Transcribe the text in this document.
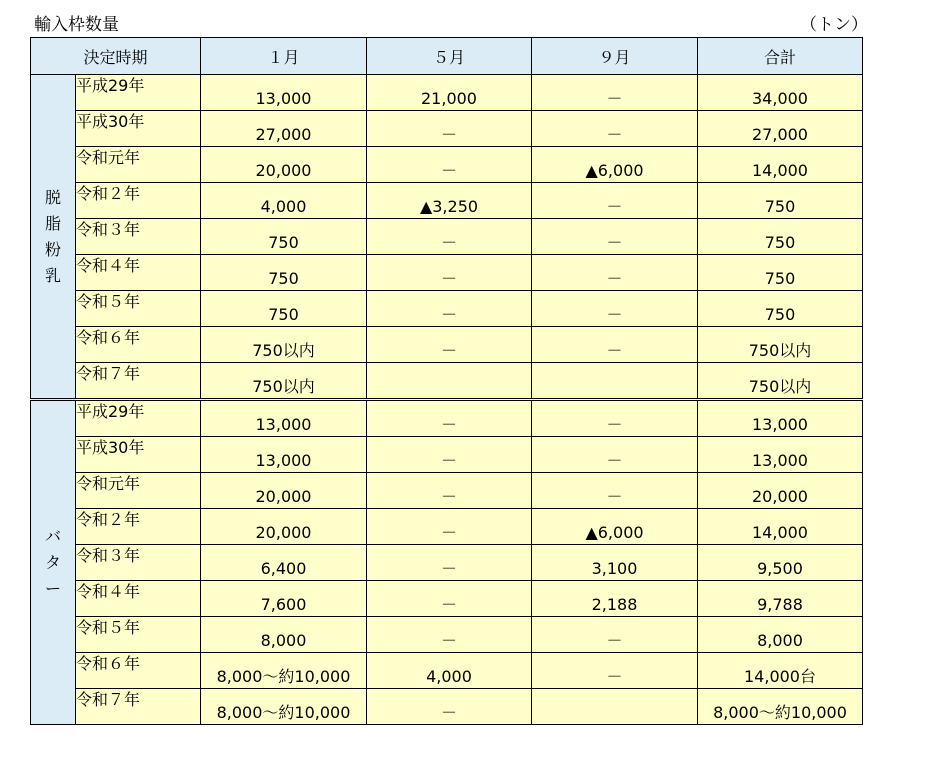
輸入枠数量	（トン）
決定時期		１月	５月	９月	合計

脱
脂
粉
乳	平成29年	13,000	21,000	－	34,000
	平成30年	27,000	－	－	27,000
	令和元年	20,000	－	▲6,000	14,000
	令和２年	4,000	▲3,250	－	750
	令和３年	750	－	－	750
	令和４年	750	－	－	750
	令和５年	750	－	－	750
	令和６年	750以内	－	－	750以内
	令和７年	750以内			750以内

バ
タ
ー	平成29年	13,000	－	－	13,000
	平成30年	13,000	－	－	13,000
	令和元年	20,000	－	－	20,000
	令和２年	20,000	－	▲6,000	14,000
	令和３年	6,400	－	3,100	9,500
	令和４年	7,600	－	2,188	9,788
	令和５年	8,000	－	－	8,000
	令和６年	8,000～約10,000	4,000	－	14,000台
	令和７年	8,000～約10,000	－		8,000～約10,000
